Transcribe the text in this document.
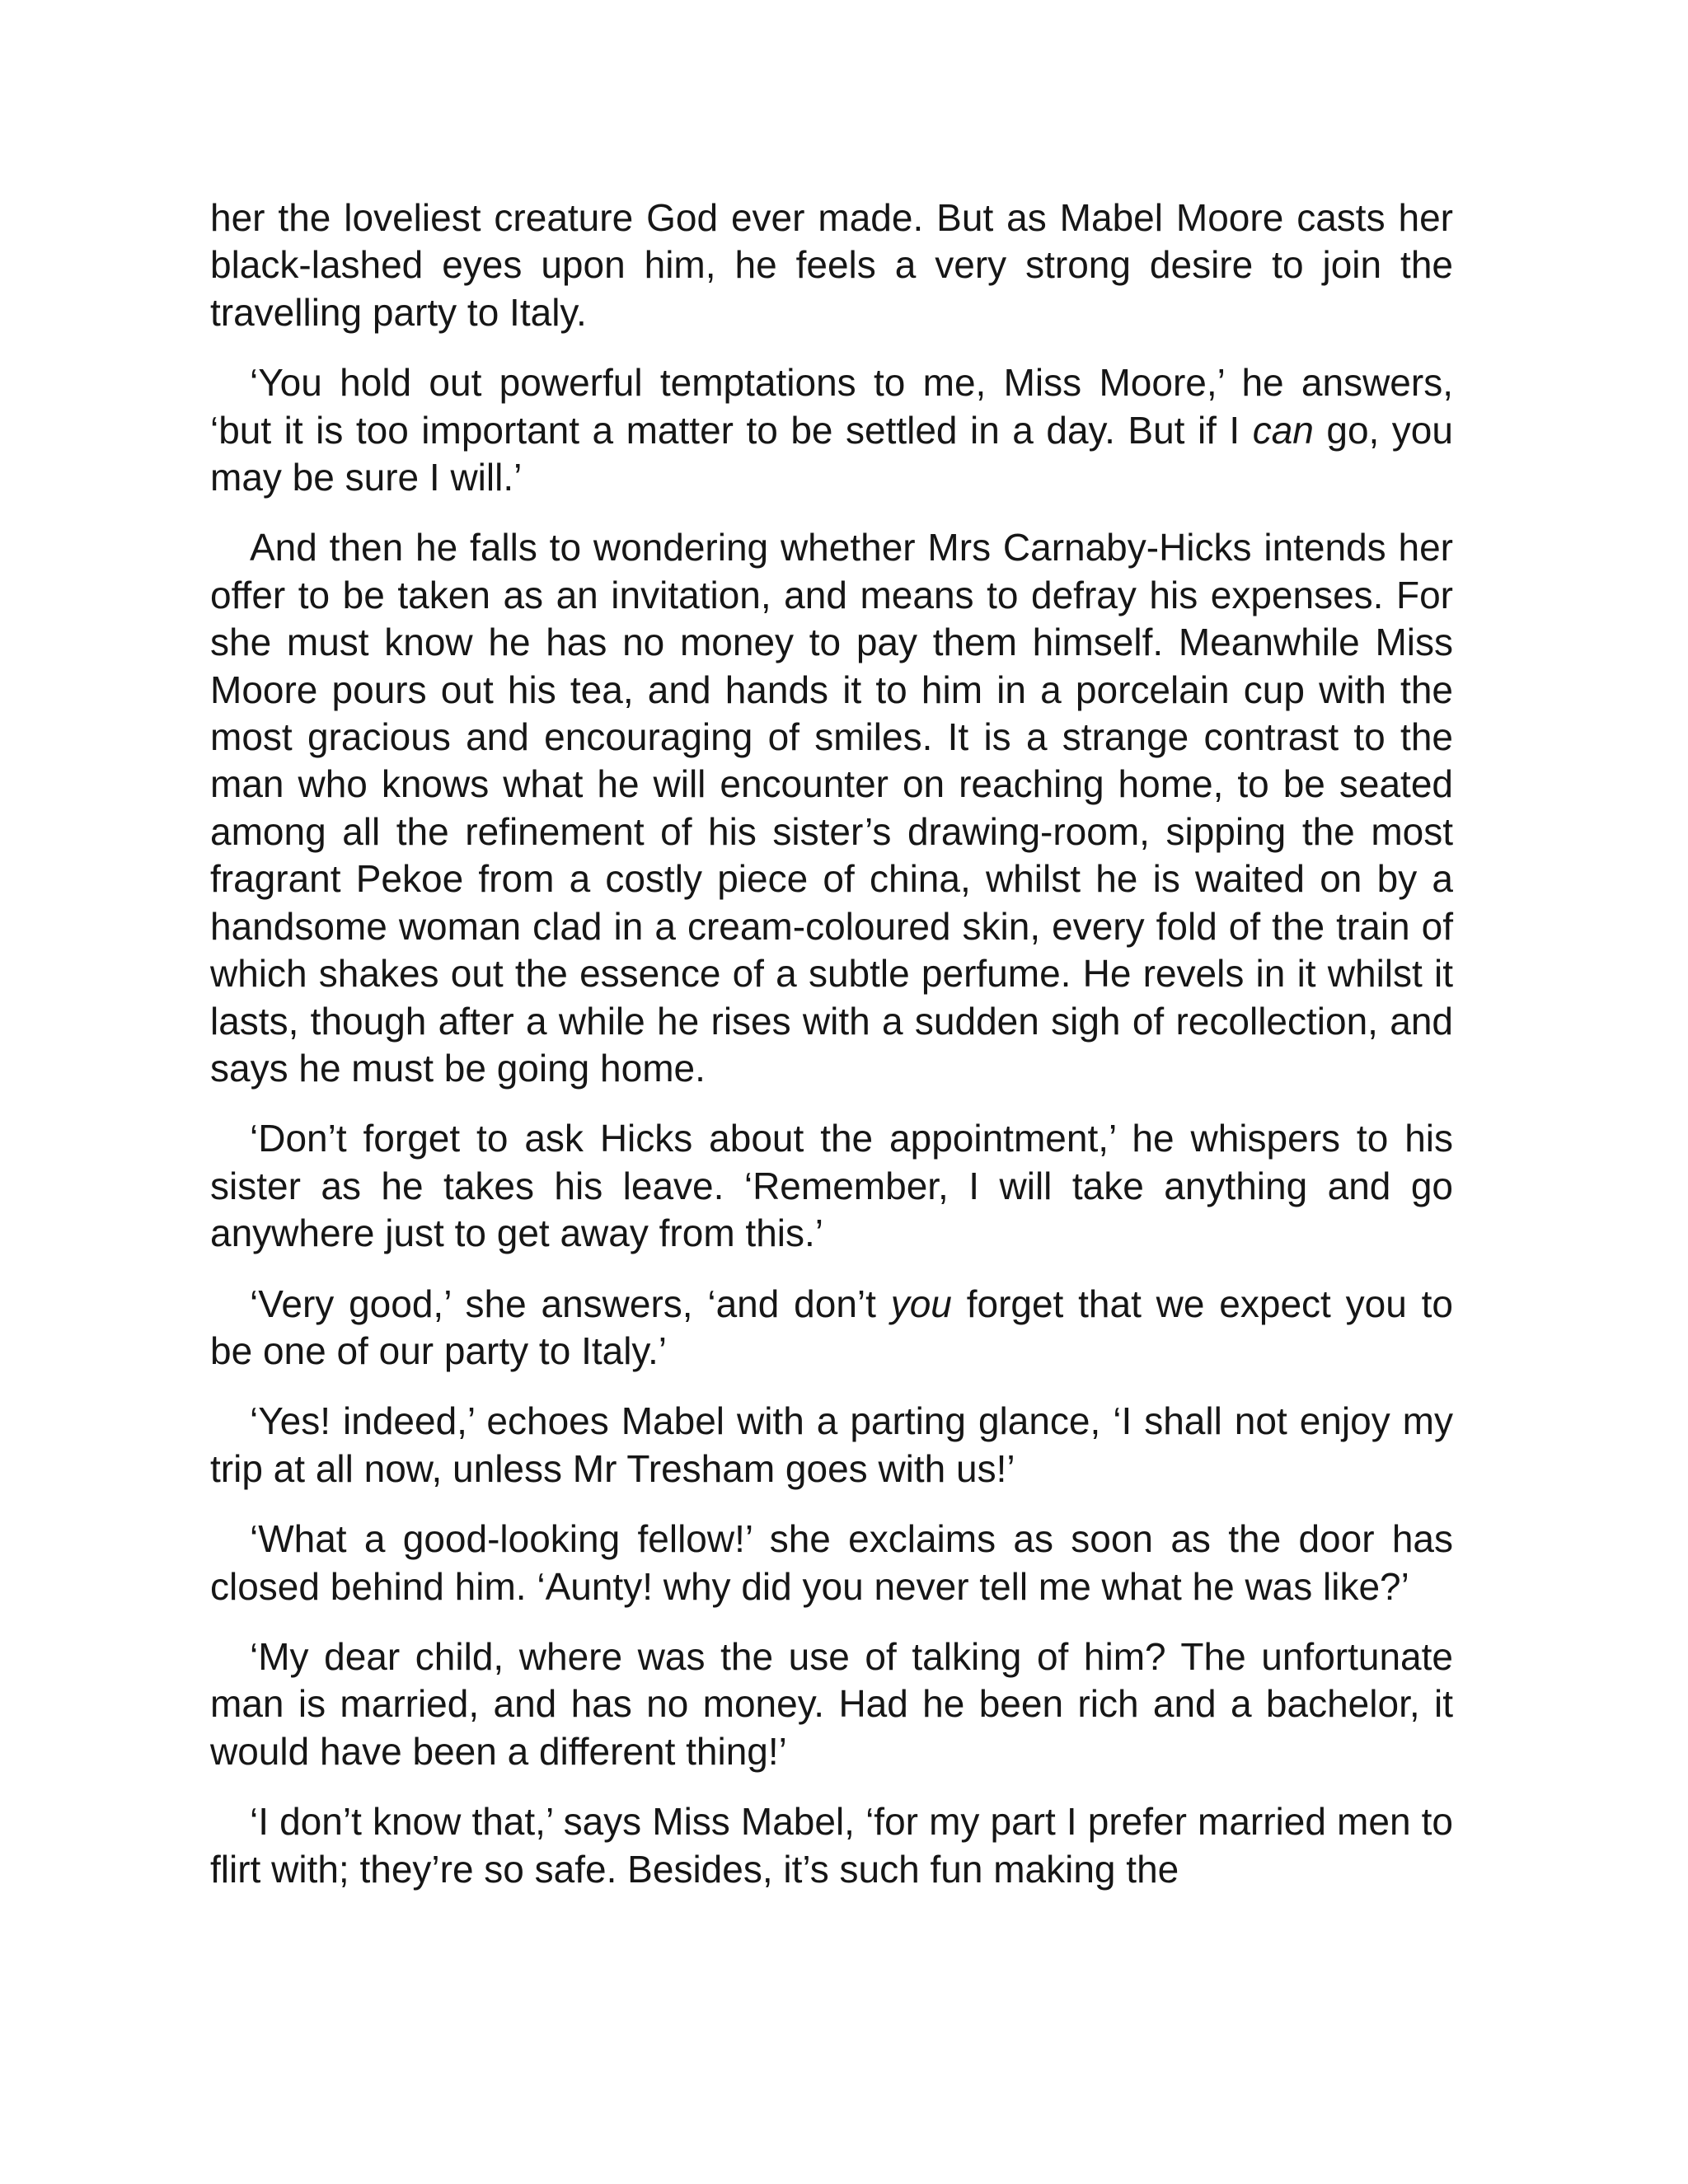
her the loveliest creature God ever made. But as Mabel Moore casts her black-lashed eyes upon him, he feels a very strong desire to join the travelling party to Italy.

‘You hold out powerful temptations to me, Miss Moore,’ he answers, ‘but it is too important a matter to be settled in a day. But if I can go, you may be sure I will.’

And then he falls to wondering whether Mrs Carnaby-Hicks intends her offer to be taken as an invitation, and means to defray his expenses. For she must know he has no money to pay them himself. Meanwhile Miss Moore pours out his tea, and hands it to him in a porcelain cup with the most gracious and encouraging of smiles. It is a strange contrast to the man who knows what he will encounter on reaching home, to be seated among all the refinement of his sister’s drawing-room, sipping the most fragrant Pekoe from a costly piece of china, whilst he is waited on by a handsome woman clad in a cream-coloured skin, every fold of the train of which shakes out the essence of a subtle perfume. He revels in it whilst it lasts, though after a while he rises with a sudden sigh of recollection, and says he must be going home.

‘Don’t forget to ask Hicks about the appointment,’ he whispers to his sister as he takes his leave. ‘Remember, I will take anything and go anywhere just to get away from this.’

‘Very good,’ she answers, ‘and don’t you forget that we expect you to be one of our party to Italy.’

‘Yes! indeed,’ echoes Mabel with a parting glance, ‘I shall not enjoy my trip at all now, unless Mr Tresham goes with us!’

‘What a good-looking fellow!’ she exclaims as soon as the door has closed behind him. ‘Aunty! why did you never tell me what he was like?’

‘My dear child, where was the use of talking of him? The unfortunate man is married, and has no money. Had he been rich and a bachelor, it would have been a different thing!’

‘I don’t know that,’ says Miss Mabel, ‘for my part I prefer married men to flirt with; they’re so safe. Besides, it’s such fun making the
